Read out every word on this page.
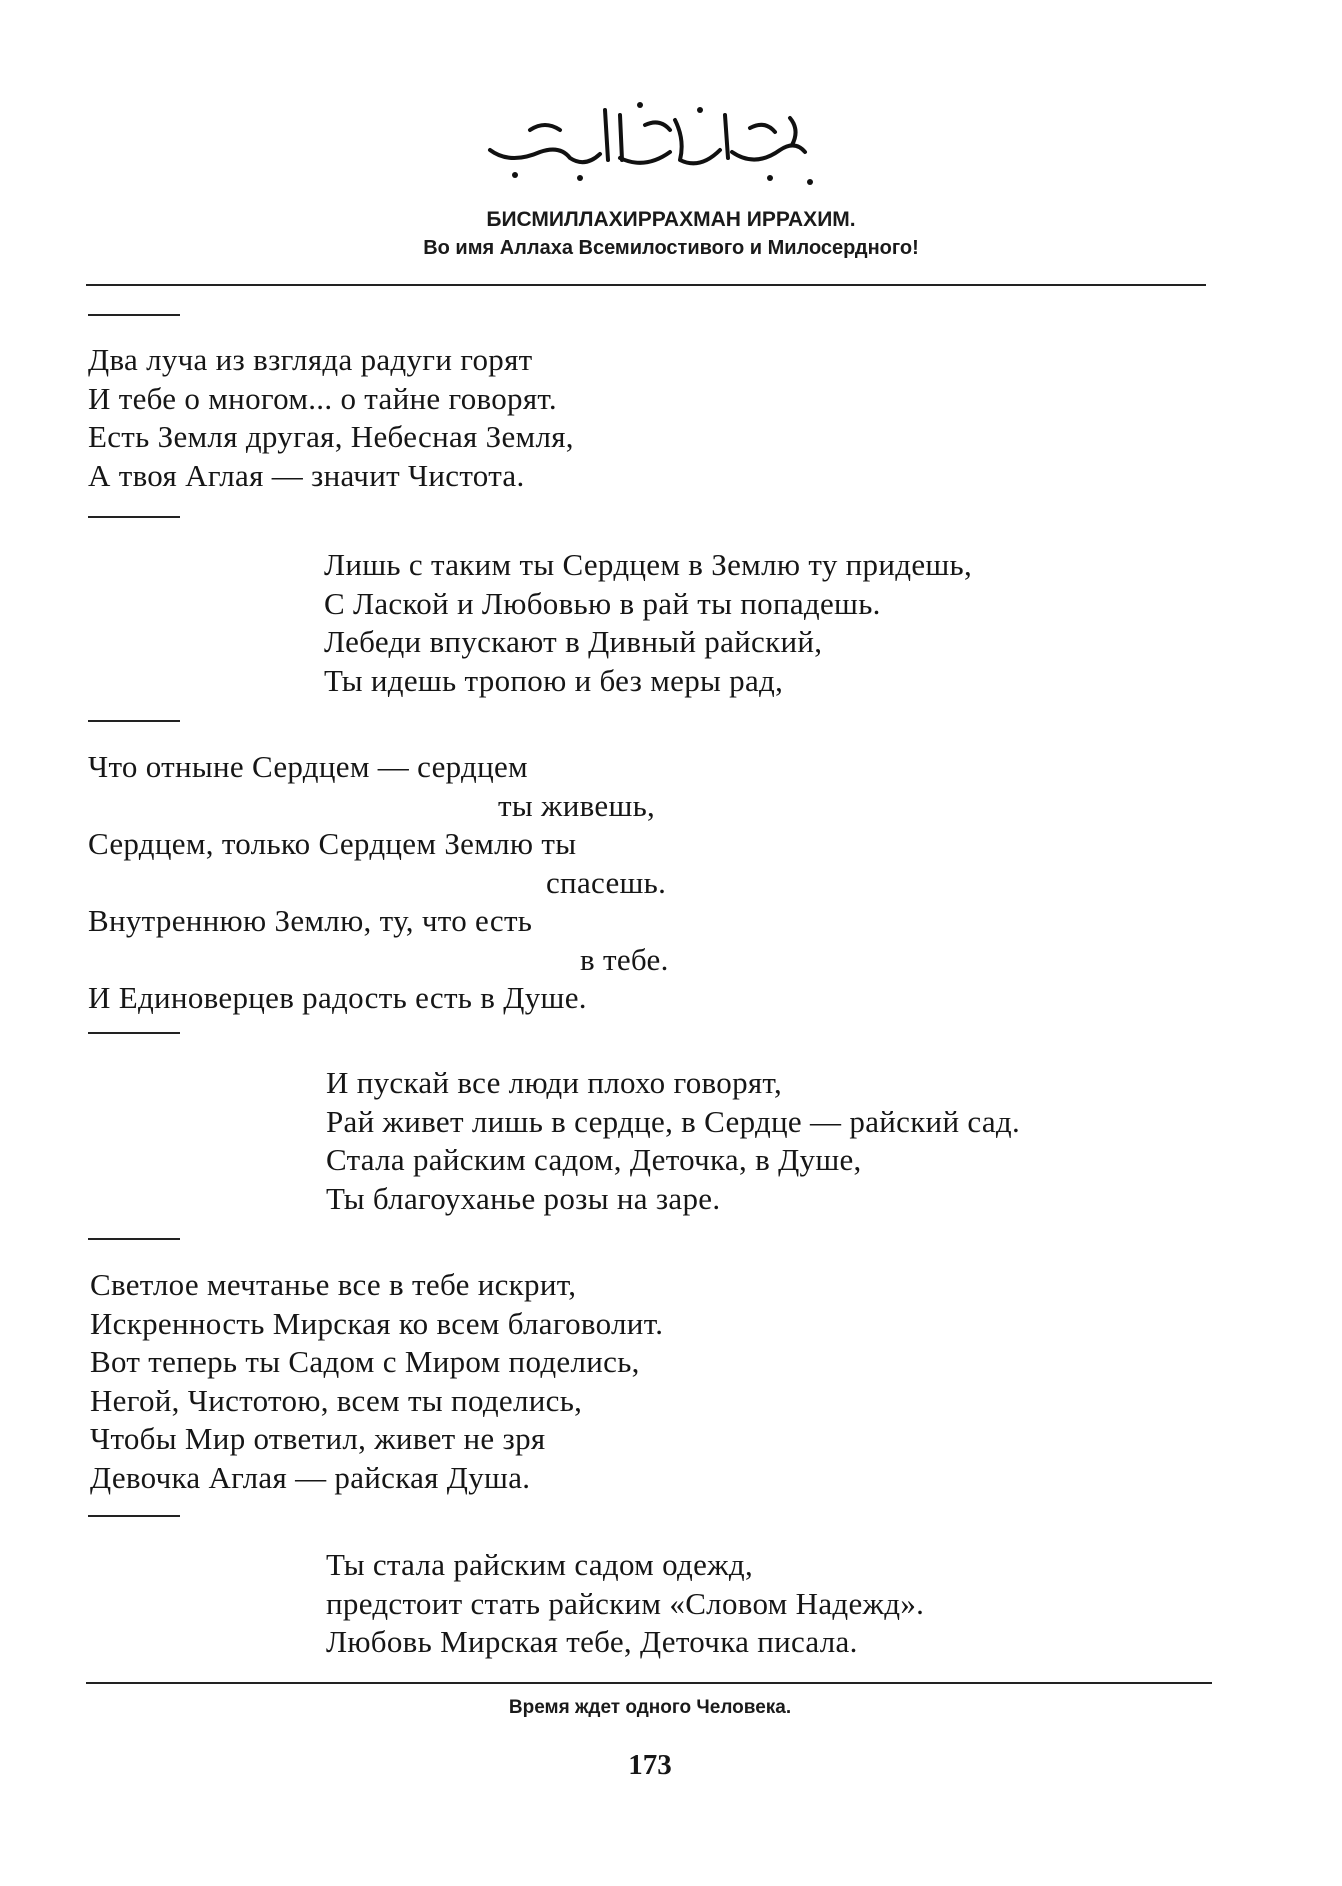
БИСМИЛЛАХИРРАХМАН ИРРАХИМ.
Во имя Аллаха Всемилостивого и Милосердного!
Два луча из взгляда радуги горят
И тебе о многом... о тайне говорят.
Есть Земля другая, Небесная Земля,
А твоя Аглая — значит Чистота.
Лишь с таким ты Сердцем в Землю ту придешь,
С Лаской и Любовью в рай ты попадешь.
Лебеди впускают в Дивный райский,
Ты идешь тропою и без меры рад,
Что отныне Сердцем — сердцем
ты живешь,
Сердцем, только Сердцем Землю ты
спасешь.
Внутреннюю Землю, ту, что есть
в тебе.
И Единоверцев радость есть в Душе.
И пускай все люди плохо говорят,
Рай живет лишь в сердце, в Сердце — райский сад.
Стала райским садом, Деточка, в Душе,
Ты благоуханье розы на заре.
Светлое мечтанье все в тебе искрит,
Искренность Мирская ко всем благоволит.
Вот теперь ты Садом с Миром поделись,
Негой, Чистотою, всем ты поделись,
Чтобы Мир ответил, живет не зря
Девочка Аглая — райская Душа.
Ты стала райским садом одежд,
предстоит стать райским «Словом Надежд».
Любовь Мирская тебе, Деточка писала.
Время ждет одного Человека.
173
